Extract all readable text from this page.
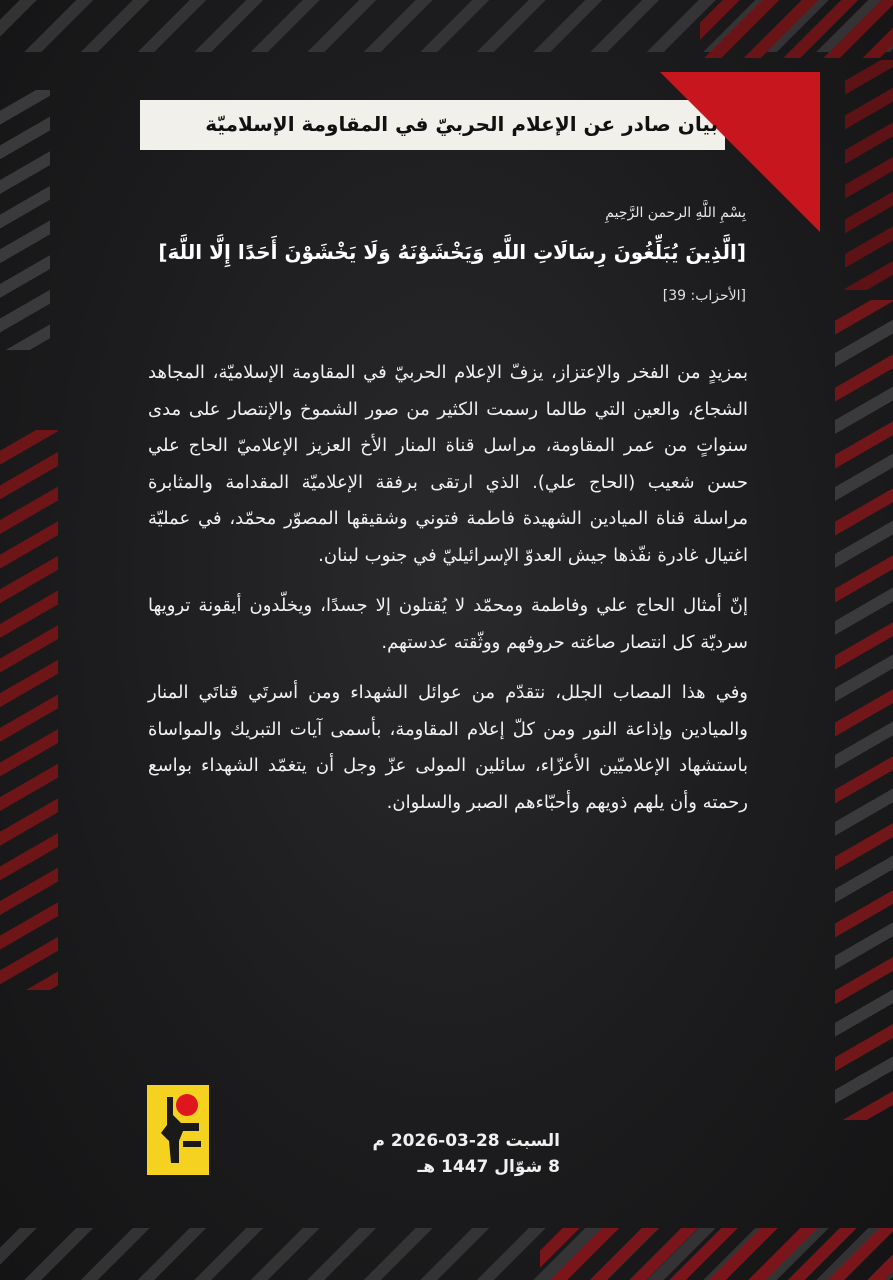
بيان صادر عن الإعلام الحربيّ في المقاومة الإسلاميّة
بِسْمِ اللَّهِ الرحمن الرَّحِيمِ
[الَّذِينَ يُبَلِّغُونَ رِسَالَاتِ اللَّهِ وَيَخْشَوْنَهُ وَلَا يَخْشَوْنَ أَحَدًا إِلَّا اللَّهَ]
[الأحزاب: 39]

بمزيدٍ من الفخر والإعتزاز، يزفّ الإعلام الحربيّ في المقاومة الإسلاميّة، المجاهد الشجاع، والعين التي طالما رسمت الكثير من صور الشموخ والإنتصار على مدى سنواتٍ من عمر المقاومة، مراسل قناة المنار الأخ العزيز الإعلاميّ الحاج علي حسن شعيب (الحاج علي). الذي ارتقى برفقة الإعلاميّة المقدامة والمثابرة مراسلة قناة الميادين الشهيدة فاطمة فتوني وشقيقها المصوّر محمّد، في عمليّة اغتيال غادرة نفّذها جيش العدوّ الإسرائيليّ في جنوب لبنان.

إنّ أمثال الحاج علي وفاطمة ومحمّد لا يُقتلون إلا جسدًا، ويخلّدون أيقونة ترويها سرديّة كل انتصار صاغته حروفهم ووثّقته عدستهم.

وفي هذا المصاب الجلل، نتقدّم من عوائل الشهداء ومن أسرتَي قناتَي المنار والميادين وإذاعة النور ومن كلّ إعلام المقاومة، بأسمى آيات التبريك والمواساة باستشهاد الإعلاميّين الأعزّاء، سائلين المولى عزّ وجل أن يتغمّد الشهداء بواسع رحمته وأن يلهم ذويهم وأحبّاءهم الصبر والسلوان.

السبت 28-03-2026 م
8 شوّال 1447 هـ
